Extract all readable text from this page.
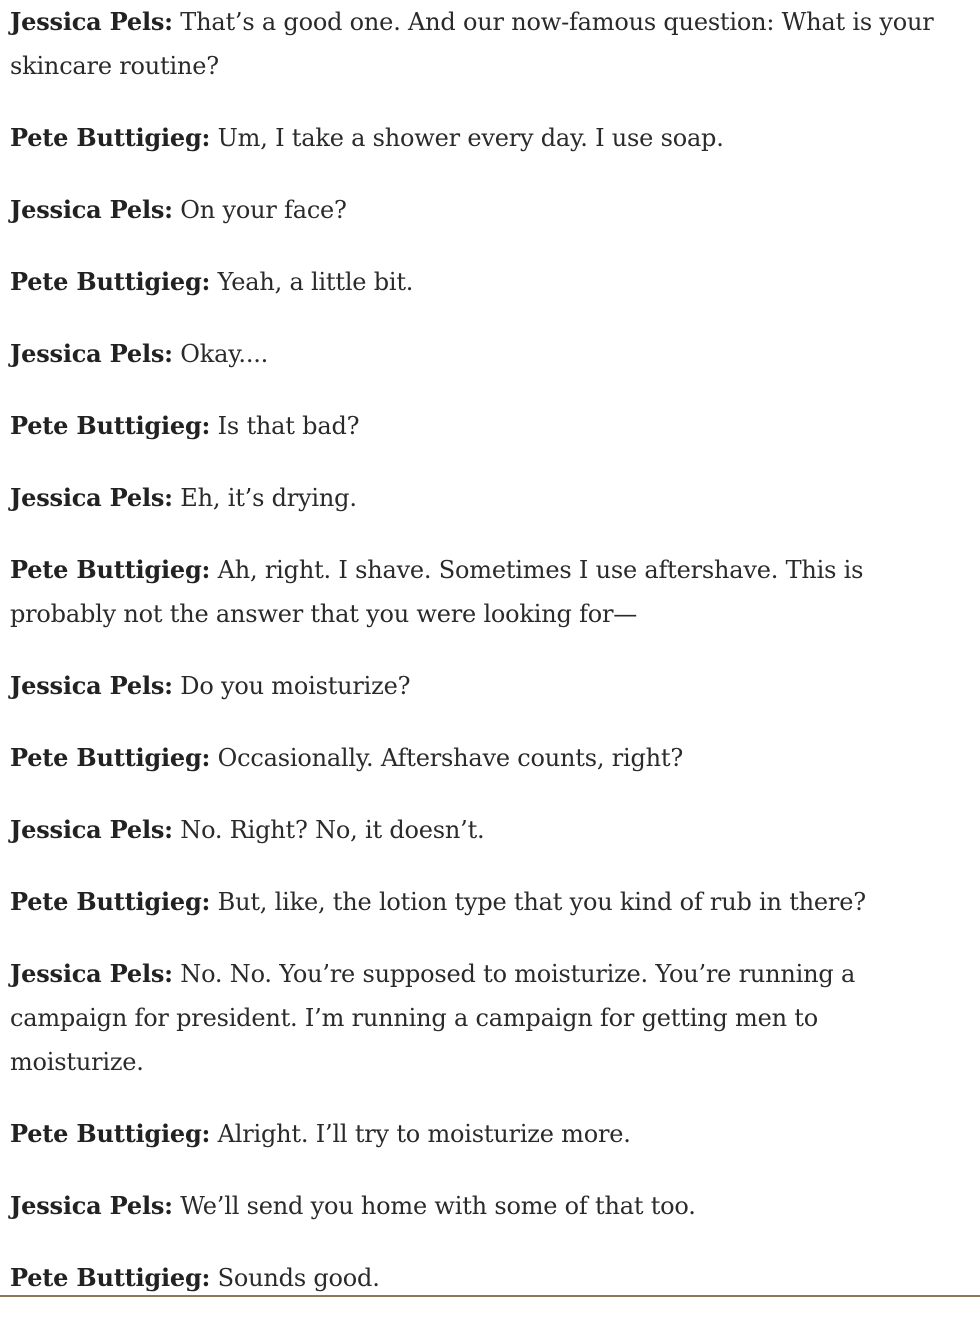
Jessica Pels: That’s a good one. And our now-famous question: What is your skincare routine?

Pete Buttigieg: Um, I take a shower every day. I use soap.

Jessica Pels: On your face?

Pete Buttigieg: Yeah, a little bit.

Jessica Pels: Okay....

Pete Buttigieg: Is that bad?

Jessica Pels: Eh, it’s drying.

Pete Buttigieg: Ah, right. I shave. Sometimes I use aftershave. This is probably not the answer that you were looking for—

Jessica Pels: Do you moisturize?

Pete Buttigieg: Occasionally. Aftershave counts, right?

Jessica Pels: No. Right? No, it doesn’t.

Pete Buttigieg: But, like, the lotion type that you kind of rub in there?

Jessica Pels: No. No. You’re supposed to moisturize. You’re running a campaign for president. I’m running a campaign for getting men to moisturize.

Pete Buttigieg: Alright. I’ll try to moisturize more.

Jessica Pels: We’ll send you home with some of that too.

Pete Buttigieg: Sounds good.
